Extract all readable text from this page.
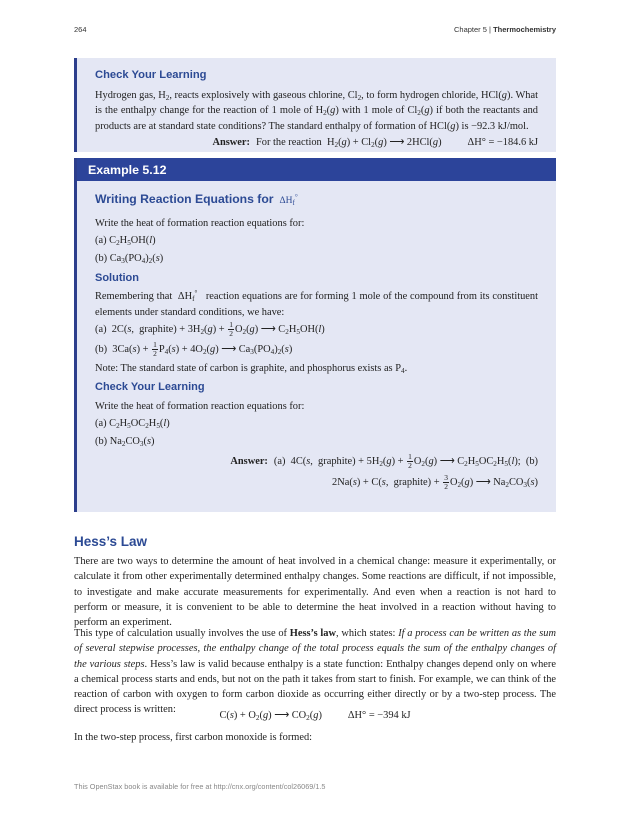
264	Chapter 5 | Thermochemistry
Check Your Learning
Hydrogen gas, $H_2$, reacts explosively with gaseous chlorine, $Cl_2$, to form hydrogen chloride, HCl(g). What is the enthalpy change for the reaction of 1 mole of $H_2(g)$ with 1 mole of $Cl_2(g)$ if both the reactants and products are at standard state conditions? The standard enthalpy of formation of HCl(g) is −92.3 kJ/mol.
Answer: For the reaction  $H_2(g) + Cl_2(g)$ ⟶ 2HCl(g)          ΔH° = −184.6 kJ
Example 5.12
Writing Reaction Equations for $\Delta H_f^\circ$
Write the heat of formation reaction equations for:
(a) $C_2H_5OH(l)$
(b) $Ca_3(PO_4)_2(s)$
Solution
Remembering that  $\Delta H_f^\circ$ reaction equations are for forming 1 mole of the compound from its constituent elements under standard conditions, we have:
(a)  2C(s,  graphite) + $3H_2(g) + \frac{1}{2} O_2(g)$ ⟶ $C_2H_5OH(l)$
(b)  $3Ca(s) + \frac{1}{2} P_4(s) + 4O_2(g)$ ⟶ $Ca_3(PO_4)_2(s)$
Note: The standard state of carbon is graphite, and phosphorus exists as $P_4$.
Check Your Learning
Write the heat of formation reaction equations for:
(a) $C_2H_5OC_2H_5(l)$
(b) $Na_2CO_3(s)$
Answer: (a)  4C(s,  graphite) + $5H_2(g) + \frac{1}{2} O_2(g)$ ⟶ $C_2H_5OC_2H_5(l)$;  (b)
2Na(s) + C(s,  graphite) + $\frac{3}{2} O_2(g)$ ⟶ $Na_2CO_3(s)$
Hess’s Law
There are two ways to determine the amount of heat involved in a chemical change: measure it experimentally, or calculate it from other experimentally determined enthalpy changes. Some reactions are difficult, if not impossible, to investigate and make accurate measurements for experimentally. And even when a reaction is not hard to perform or measure, it is convenient to be able to determine the heat involved in a reaction without having to perform an experiment.
This type of calculation usually involves the use of Hess’s law, which states: If a process can be written as the sum of several stepwise processes, the enthalpy change of the total process equals the sum of the enthalpy changes of the various steps. Hess’s law is valid because enthalpy is a state function: Enthalpy changes depend only on where a chemical process starts and ends, but not on the path it takes from start to finish. For example, we can think of the reaction of carbon with oxygen to form carbon dioxide as occurring either directly or by a two-step process. The direct process is written:
$C(s) + O_2(g)$ ⟶ $CO_2(g)$          ΔH° = −394 kJ
In the two-step process, first carbon monoxide is formed:
This OpenStax book is available for free at http://cnx.org/content/col26069/1.5
